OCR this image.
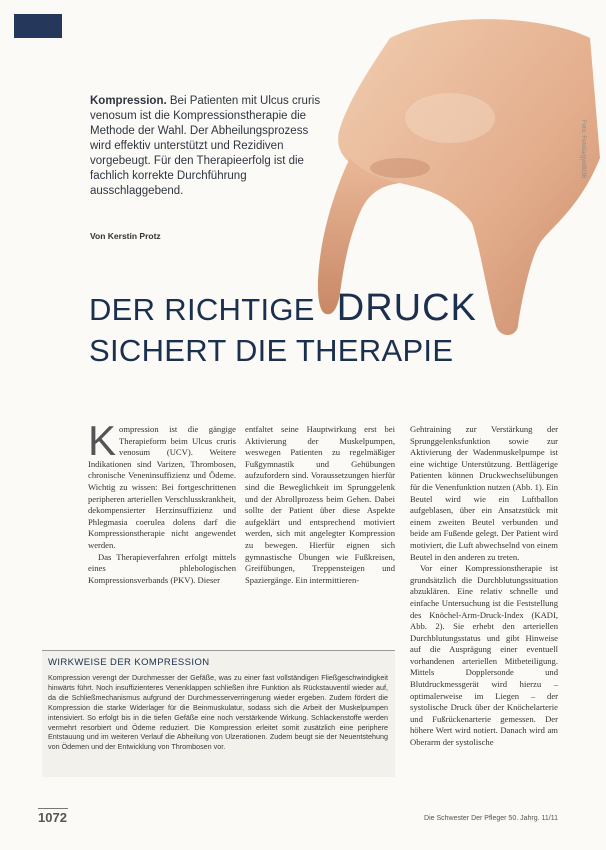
Foto: Fotolia/gyn9038
Kompression. Bei Patienten mit Ulcus cruris venosum ist die Kompressionstherapie die Methode der Wahl. Der Abheilungsprozess wird effektiv unterstützt und Rezidiven vorgebeugt. Für den Therapieerfolg ist die fachlich korrekte Durchführung ausschlaggebend.
Von Kerstin Protz
DER RICHTIGE DRUCK
SICHERT DIE THERAPIE

Kompression ist die gängige Therapieform beim Ulcus cruris venosum (UCV). Weitere Indikationen sind Varizen, Thrombosen, chronische Veneninsuffizienz und Ödeme. Wichtig zu wissen: Bei fortgeschrittenen peripheren arteriellen Verschlusskrankheit, dekompensierter Herzinsuffizienz und Phlegmasia coerulea dolens darf die Kompressionstherapie nicht angewendet werden.

Das Therapieverfahren erfolgt mittels eines phlebologischen Kompressionsverbands (PKV). Dieser

entfaltet seine Hauptwirkung erst bei Aktivierung der Muskelpumpen, weswegen Patienten zu regelmäßiger Fußgymnastik und Gehübungen aufzufordern sind. Voraussetzungen hierfür sind die Beweglichkeit im Sprunggelenk und der Abrollprozess beim Gehen. Dabei sollte der Patient über diese Aspekte aufgeklärt und entsprechend motiviert werden, sich mit angelegter Kompression zu bewegen. Hierfür eignen sich gymnastische Übungen wie Fußkreisen, Greifübungen, Treppensteigen und Spaziergänge. Ein intermittieren-

Gehtraining zur Verstärkung der Sprunggelenksfunktion sowie zur Aktivierung der Wadenmuskelpumpe ist eine wichtige Unterstützung. Bettlägerige Patienten können Druckwechselübungen für die Venenfunktion nutzen (Abb. 1). Ein Beutel wird wie ein Luftballon aufgeblasen, über ein Ansatzstück mit einem zweiten Beutel verbunden und beide am Fußende gelegt. Der Patient wird motiviert, die Luft abwechselnd von einem Beutel in den anderen zu treten.

Vor einer Kompressionstherapie ist grundsätzlich die Durchblutungssituation abzuklären. Eine relativ schnelle und einfache Untersuchung ist die Feststellung des Knöchel-Arm-Druck-Index (KADI, Abb. 2). Sie erhebt den arteriellen Durchblutungsstatus und gibt Hinweise auf die Ausprägung einer eventuell vorhandenen arteriellen Mitbeteiligung. Mittels Dopplersonde und Blutdruckmessgerät wird hierzu – optimalerweise im Liegen – der systolische Druck über der Knöchelarterie und Fußrückenarterie gemessen. Der höhere Wert wird notiert. Danach wird am Oberarm der systolische

WIRKWEISE DER KOMPRESSION
Kompression verengt der Durchmesser der Gefäße, was zu einer fast vollständigen Fließgeschwindigkeit hinwärts führt. Noch insuffizienteres Venenklappen schließen ihre Funktion als Rückstauventil wieder auf, da die Schließmechanismus aufgrund der Durchmesserverringerung wieder ergeben. Zudem fördert die Kompression die starke Widerlager für die Beinmuskulatur, sodass sich die Arbeit der Muskelpumpen intensiviert. So erfolgt bis in die tiefen Gefäße eine noch verstärkende Wirkung. Schlackenstoffe werden vermehrt resorbiert und Ödeme reduziert. Die Kompression erleitet somit zusätzlich eine periphere Entstauung und im weiteren Verlauf die Abheilung von Ulzerationen. Zudem beugt sie der Neuentstehung von Ödemen und der Entwicklung von Thrombosen vor.
1072	Die Schwester Der Pfleger 50. Jahrg. 11/11
